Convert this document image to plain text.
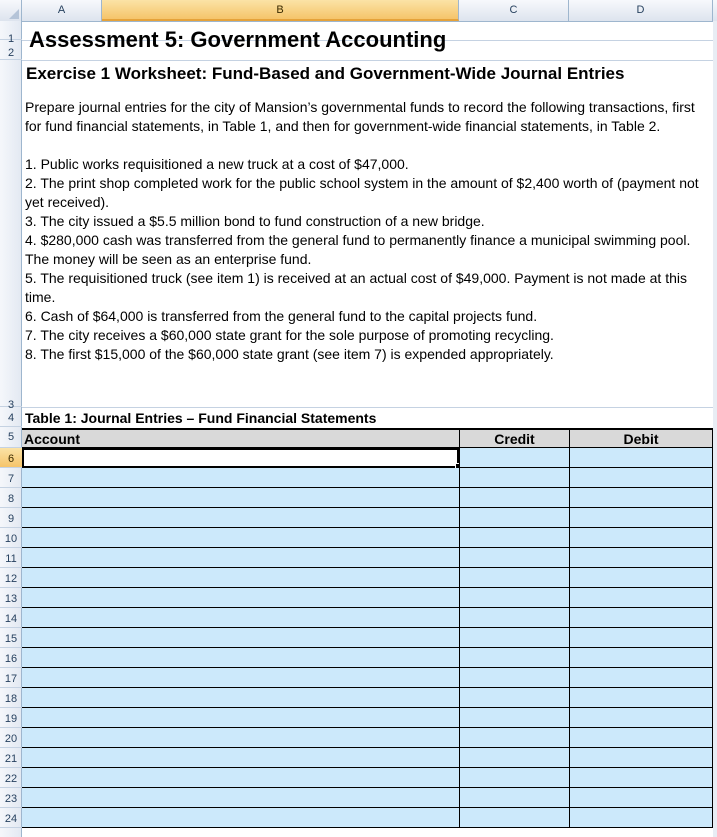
A	B	C	D
1
2
3
4
5
6
7
8
9
10
11
12
13
14
15
16
17
18
19
20
21
22
23
24
Assessment 5: Government Accounting
Exercise 1 Worksheet: Fund-Based and Government-Wide Journal Entries

Prepare journal entries for the city of Mansion’s governmental funds to record the following transactions, first for fund financial statements, in Table 1, and then for government-wide financial statements, in Table 2.

1. Public works requisitioned a new truck at a cost of $47,000.

2. The print shop completed work for the public school system in the amount of $2,400 worth of (payment not yet received).

3. The city issued a $5.5 million bond to fund construction of a new bridge.

4. $280,000 cash was transferred from the general fund to permanently finance a municipal swimming pool. The money will be seen as an enterprise fund.

5. The requisitioned truck (see item 1) is received at an actual cost of $49,000. Payment is not made at this time.

6. Cash of $64,000 is transferred from the general fund to the capital projects fund.

7. The city receives a $60,000 state grant for the sole purpose of promoting recycling.

8. The first $15,000 of the $60,000 state grant (see item 7) is expended appropriately.

Table 1: Journal Entries – Fund Financial Statements
Account	Credit	Debit
